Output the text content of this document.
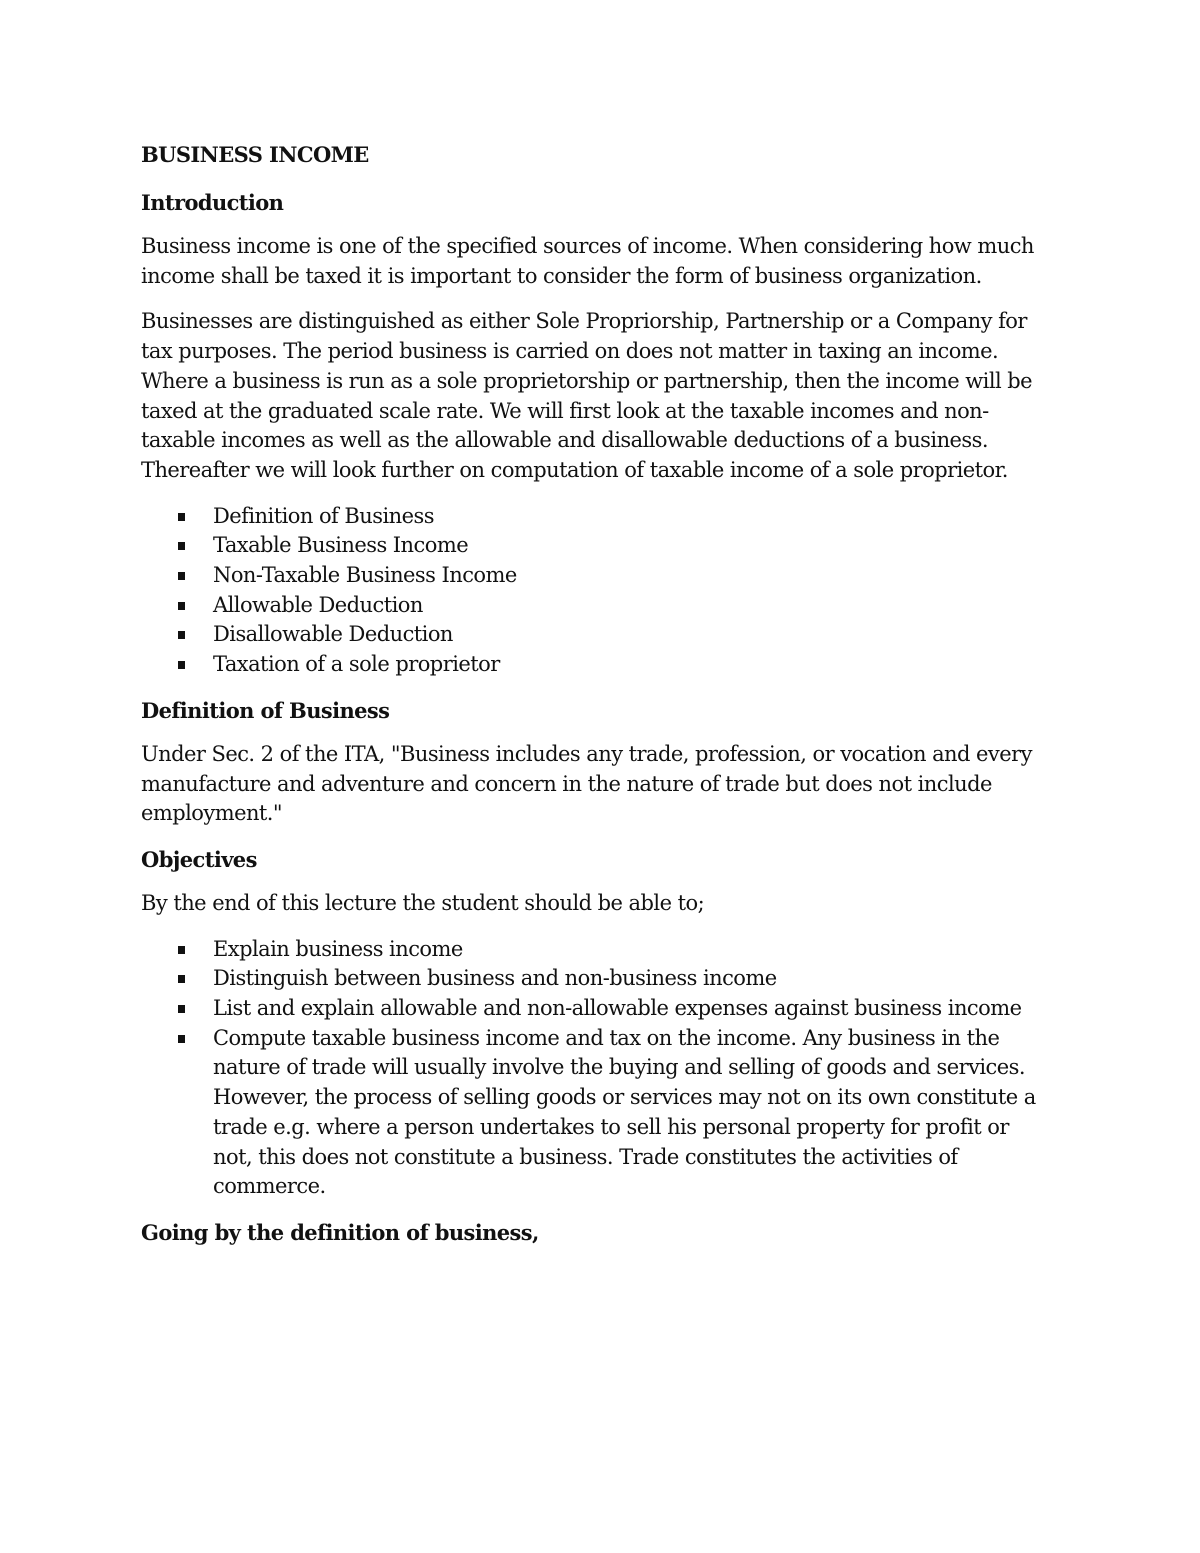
BUSINESS INCOME
Introduction

Business income is one of the specified sources of income. When considering how much income shall be taxed it is important to consider the form of business organization.

Businesses are distinguished as either Sole Propriorship, Partnership or a Company for tax purposes. The period business is carried on does not matter in taxing an income. Where a business is run as a sole proprietorship or partnership, then the income will be taxed at the graduated scale rate. We will first look at the taxable incomes and non-taxable incomes as well as the allowable and disallowable deductions of a business. Thereafter we will look further on computation of taxable income of a sole proprietor.

Definition of Business
Taxable Business Income
Non-Taxable Business Income
Allowable Deduction
Disallowable Deduction
Taxation of a sole proprietor
Definition of Business

Under Sec. 2 of the ITA, "Business includes any trade, profession, or vocation and every manufacture and adventure and concern in the nature of trade but does not include employment."

Objectives

By the end of this lecture the student should be able to;

Explain business income
Distinguish between business and non-business income
List and explain allowable and non-allowable expenses against business income
Compute taxable business income and tax on the income. Any business in the nature of trade will usually involve the buying and selling of goods and services. However, the process of selling goods or services may not on its own constitute a trade e.g. where a person undertakes to sell his personal property for profit or not, this does not constitute a business. Trade constitutes the activities of commerce.
Going by the definition of business,
